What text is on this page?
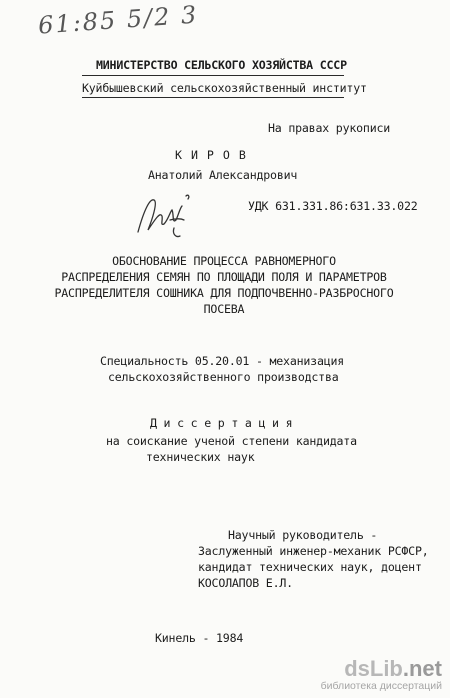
61:85 5/2 3
МИНИСТЕРСТВО СЕЛЬСКОГО ХОЗЯЙСТВА СССР
Куйбышевский сельскохозяйственный институт
На правах рукописи
К И Р О В
Анатолий Александрович
УДК 631.331.86:631.33.022
ОБОСНОВАНИЕ ПРОЦЕССА РАВНОМЕРНОГО
РАСПРЕДЕЛЕНИЯ СЕМЯН ПО ПЛОЩАДИ ПОЛЯ И ПАРАМЕТРОВ
РАСПРЕДЕЛИТЕЛЯ СОШНИКА ДЛЯ ПОДПОЧВЕННО-РАЗБРОСНОГО
ПОСЕВА
Специальность 05.20.01 - механизация
сельскохозяйственного производства
Д и с с е р т а ц и я
на соискание ученой степени кандидата
технических наук
Научный руководитель -
Заслуженный инженер-механик РСФСР,
кандидат технических наук, доцент
КОСОЛАПОВ Е.Л.
Кинель - 1984
dsLib.net
библиотека диссертаций
